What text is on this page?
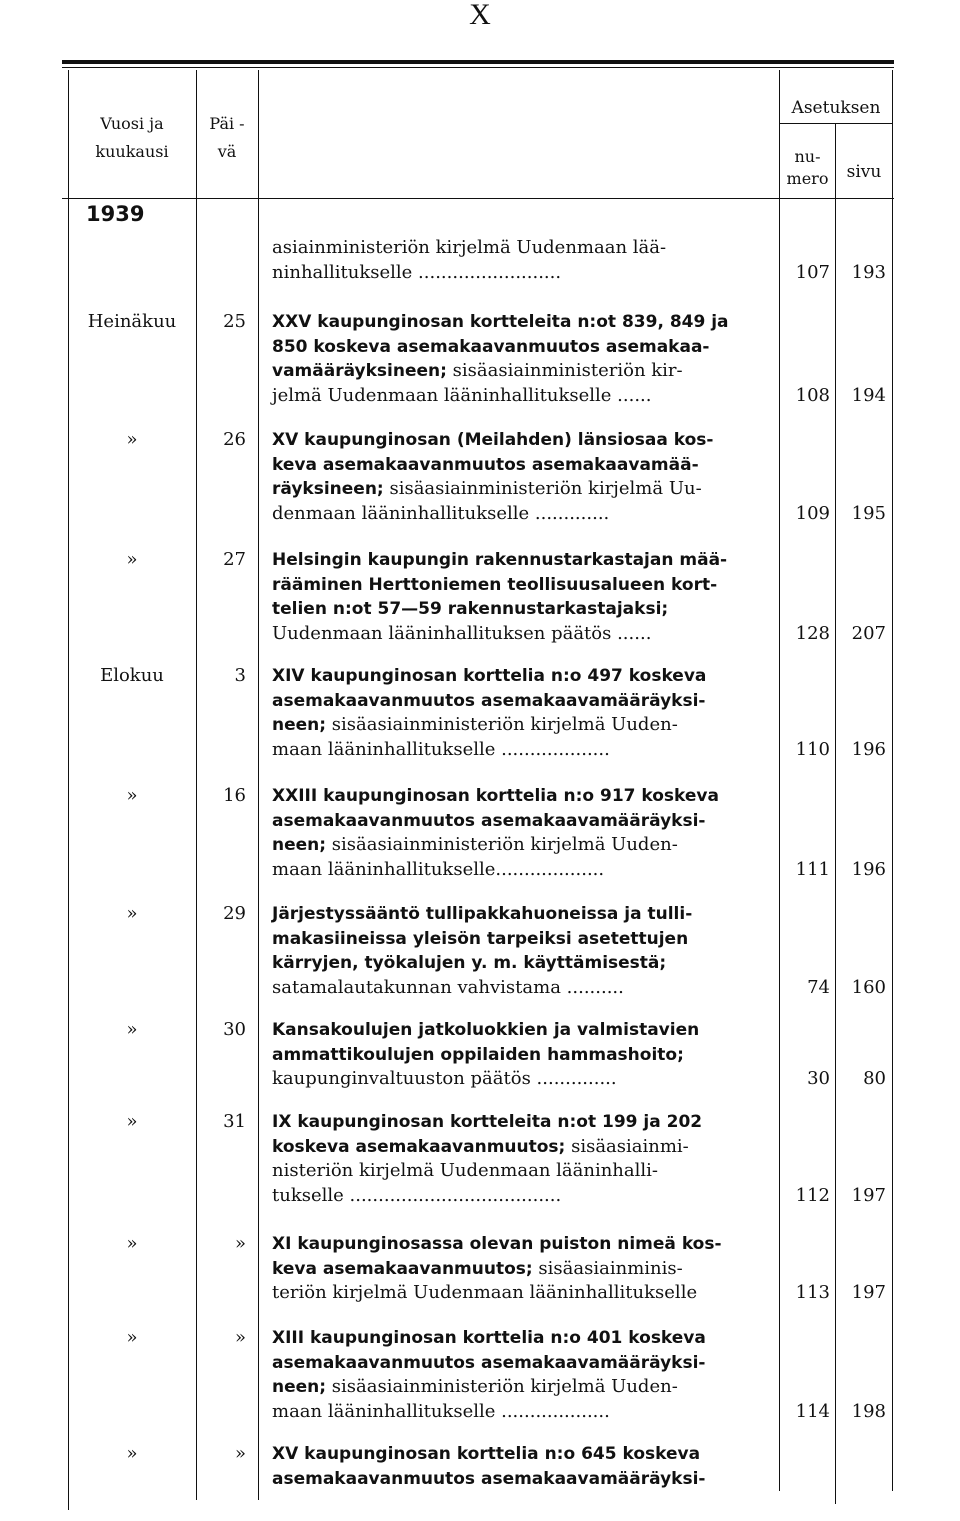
X
Vuosi ja
kuukausi
Päi -
vä
Asetuksen
nu-
mero	sivu
1939
asiainministeriön kirjelmä Uudenmaan lää-
ninhallitukselle .........................	107	193
Heinäkuu	25 XXV kaupunginosan kortteleita n:ot 839, 849 ja
850 koskeva asemakaavanmuutos asemakaa-
vamääräyksineen; sisäasiainministeriön kir-
jelmä Uudenmaan lääninhallitukselle ......	108	194
»	26 XV kaupunginosan (Meilahden) länsiosaa kos-
keva asemakaavanmuutos asemakaavamää-
räyksineen; sisäasiainministeriön kirjelmä Uu-
denmaan lääninhallitukselle .............	109	195
»	27 Helsingin kaupungin rakennustarkastajan mää-
rääminen Herttoniemen teollisuusalueen kort-
telien n:ot 57—59 rakennustarkastajaksi;
Uudenmaan lääninhallituksen päätös ......	128	207
Elokuu	3 XIV kaupunginosan korttelia n:o 497 koskeva
asemakaavanmuutos asemakaavamääräyksi-
neen; sisäasiainministeriön kirjelmä Uuden-
maan lääninhallitukselle ...................	110	196
»	16 XXIII kaupunginosan korttelia n:o 917 koskeva
asemakaavanmuutos asemakaavamääräyksi-
neen; sisäasiainministeriön kirjelmä Uuden-
maan lääninhallitukselle...................	111	196
»	29 Järjestyssääntö tullipakkahuoneissa ja tulli-
makasiineissa yleisön tarpeiksi asetettujen
kärryjen, työkalujen y. m. käyttämisestä;
satamalautakunnan vahvistama ..........	74	160
»	30 Kansakoulujen jatkoluokkien ja valmistavien
ammattikoulujen oppilaiden hammashoito;
kaupunginvaltuuston päätös ..............	30	80
»	31 IX kaupunginosan kortteleita n:ot 199 ja 202
koskeva asemakaavanmuutos; sisäasiainmi-
nisteriön kirjelmä Uudenmaan lääninhalli-
tukselle .....................................	112	197
»	» XI kaupunginosassa olevan puiston nimeä kos-
keva asemakaavanmuutos; sisäasiainminis-
teriön kirjelmä Uudenmaan lääninhallitukselle	113	197
»	» XIII kaupunginosan korttelia n:o 401 koskeva
asemakaavanmuutos asemakaavamääräyksi-
neen; sisäasiainministeriön kirjelmä Uuden-
maan lääninhallitukselle ...................	114	198
»	» XV kaupunginosan korttelia n:o 645 koskeva
asemakaavanmuutos asemakaavamääräyksi-
